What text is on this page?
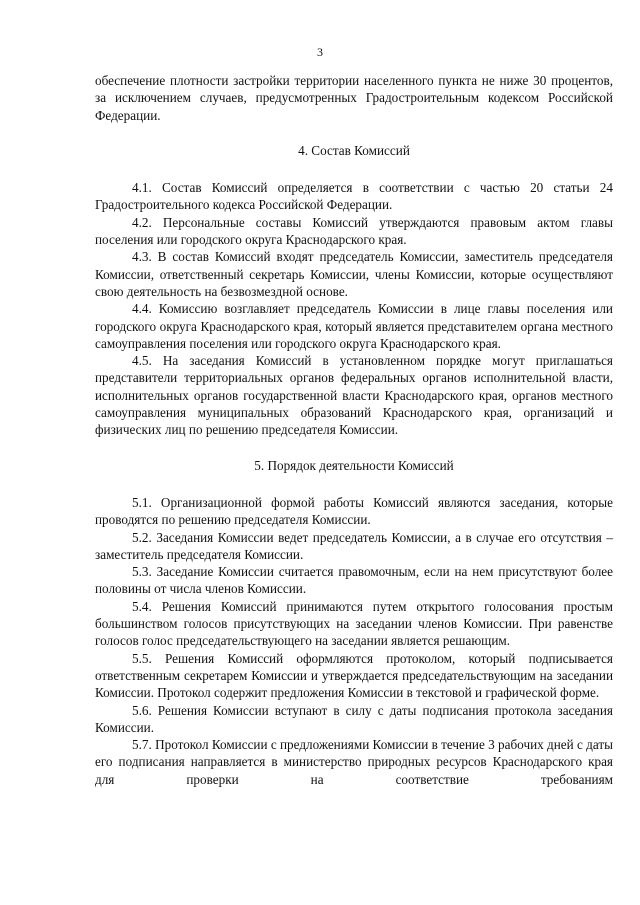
3

обеспечение плотности застройки территории населенного пункта не ниже 30 процентов, за исключением случаев, предусмотренных Градостроительным кодексом Российской Федерации.

4. Состав Комиссий

4.1. Состав Комиссий определяется в соответствии с частью 20 статьи 24 Градостроительного кодекса Российской Федерации.

4.2. Персональные составы Комиссий утверждаются правовым актом главы поселения или городского округа Краснодарского края.

4.3. В состав Комиссий входят председатель Комиссии, заместитель председателя Комиссии, ответственный секретарь Комиссии, члены Комиссии, которые осуществляют свою деятельность на безвозмездной основе.

4.4. Комиссию возглавляет председатель Комиссии в лице главы поселения или городского округа Краснодарского края, который является представителем органа местного самоуправления поселения или городского округа Краснодарского края.

4.5. На заседания Комиссий в установленном порядке могут приглашаться представители территориальных органов федеральных органов исполнительной власти, исполнительных органов государственной власти Краснодарского края, органов местного самоуправления муниципальных образований Краснодарского края, организаций и физических лиц по решению председателя Комиссии.

5. Порядок деятельности Комиссий

5.1. Организационной формой работы Комиссий являются заседания, которые проводятся по решению председателя Комиссии.

5.2. Заседания Комиссии ведет председатель Комиссии, а в случае его отсутствия – заместитель председателя Комиссии.

5.3. Заседание Комиссии считается правомочным, если на нем присутствуют более половины от числа членов Комиссии.

5.4. Решения Комиссий принимаются путем открытого голосования простым большинством голосов присутствующих на заседании членов Комиссии. При равенстве голосов голос председательствующего на заседании является решающим.

5.5. Решения Комиссий оформляются протоколом, который подписывается ответственным секретарем Комиссии и утверждается председательствующим на заседании Комиссии. Протокол содержит предложения Комиссии в текстовой и графической форме.

5.6. Решения Комиссии вступают в силу с даты подписания протокола заседания Комиссии.

5.7. Протокол Комиссии с предложениями Комиссии в течение 3 рабочих дней с даты его подписания направляется в министерство природных ресурсов Краснодарского края для проверки на соответствие требованиям
